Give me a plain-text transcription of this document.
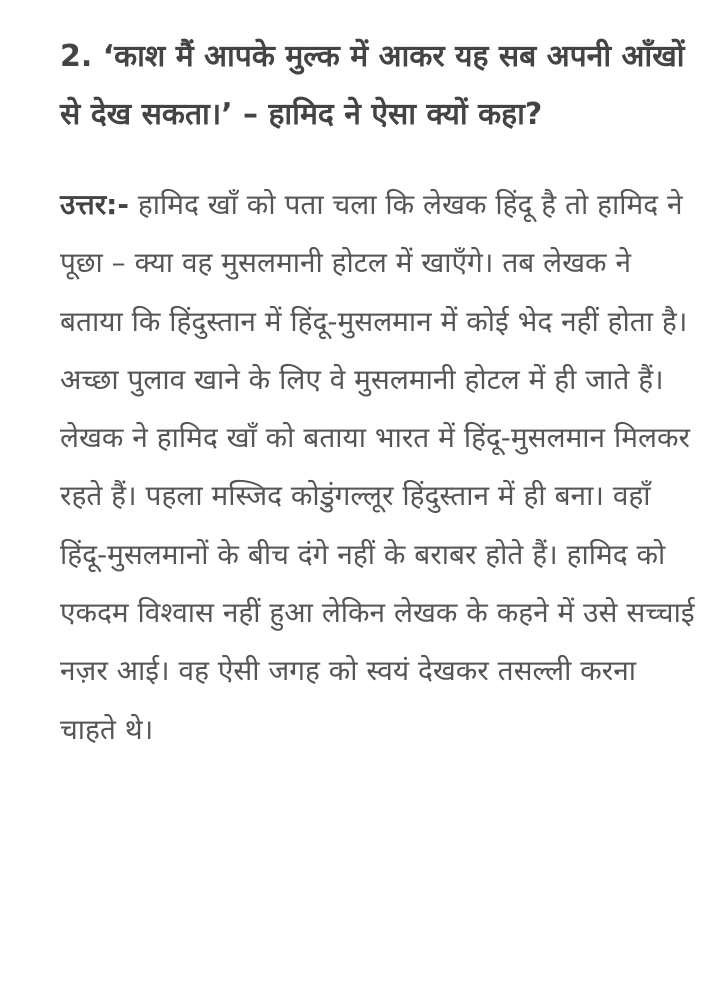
2. ‘काश मैं आपके मुल्क में आकर यह सब अपनी आँखों से देख सकता।’ – हामिद ने ऐसा क्यों कहा?

उत्तर:- हामिद खाँ को पता चला कि लेखक हिंदू है तो हामिद ने पूछा – क्या वह मुसलमानी होटल में खाएँगे। तब लेखक ने बताया कि हिंदुस्तान में हिंदू-मुसलमान में कोई भेद नहीं होता है। अच्छा पुलाव खाने के लिए वे मुसलमानी होटल में ही जाते हैं। लेखक ने हामिद खाँ को बताया भारत में हिंदू-मुसलमान मिलकर रहते हैं। पहला मस्जिद कोडुंगल्लूर हिंदुस्तान में ही बना। वहाँ हिंदू-मुसलमानों के बीच दंगे नहीं के बराबर होते हैं। हामिद को एकदम विश्वास नहीं हुआ लेकिन लेखक के कहने में उसे सच्चाई नज़र आई। वह ऐसी जगह को स्वयं देखकर तसल्ली करना चाहते थे।
